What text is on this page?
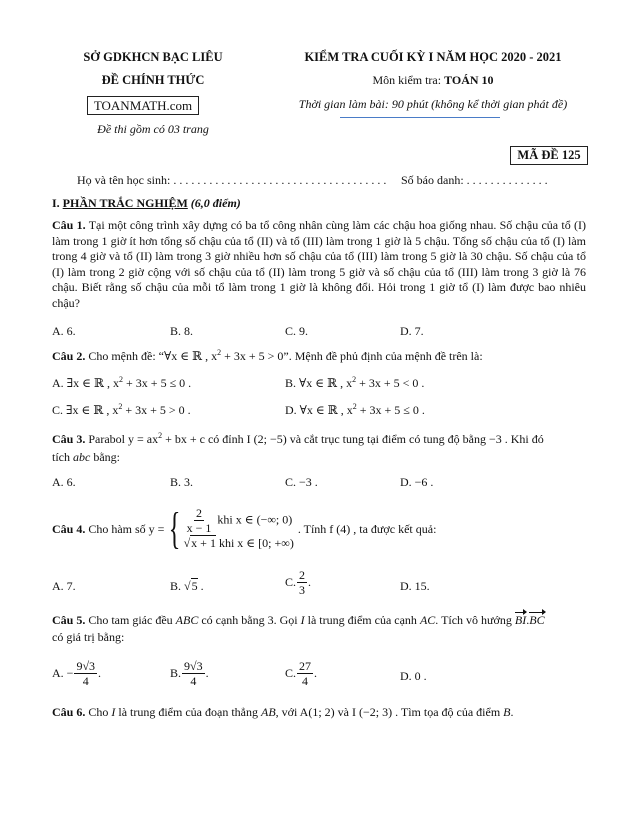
SỞ GDKHCN BẠC LIÊU
ĐỀ CHÍNH THỨC
TOANMATH.com
Đề thi gồm có 03 trang
KIỂM TRA CUỐI KỲ I NĂM HỌC 2020 - 2021
Môn kiểm tra: TOÁN 10
Thời gian làm bài: 90 phút (không kể thời gian phát đề)
MÃ ĐỀ 125
Họ và tên học sinh: . . . . . . . . . . . . . . . . . . . . . . . . . . . . . . . . . . . . Số báo danh: . . . . . . . . . . . . . .
I. PHẦN TRẮC NGHIỆM (6,0 điểm)
Câu 1. Tại một công trình xây dựng có ba tổ công nhân cùng làm các chậu hoa giống nhau. Số chậu của tổ (I) làm trong 1 giờ ít hơn tổng số chậu của tổ (II) và tổ (III) làm trong 1 giờ là 5 chậu. Tổng số chậu của tổ (I) làm trong 4 giờ và tổ (II) làm trong 3 giờ nhiều hơn số chậu của tổ (III) làm trong 5 giờ là 30 chậu. Số chậu của tổ (I) làm trong 2 giờ cộng với số chậu của tổ (II) làm trong 5 giờ và số chậu của tổ (III) làm trong 3 giờ là 76 chậu. Biết rằng số chậu của mỗi tổ làm trong 1 giờ là không đổi. Hỏi trong 1 giờ tổ (I) làm được bao nhiêu chậu?
A. 6.	B. 8.	C. 9.	D. 7.
Câu 2. Cho mệnh đề: “∀x ∈ ℝ , $x^2 + 3x + 5 > 0$”. Mệnh đề phủ định của mệnh đề trên là:
A. ∃x ∈ ℝ , $x^2 + 3x + 5 \le 0$ .	B. ∀x ∈ ℝ , $x^2 + 3x + 5 < 0$ .
C. ∃x ∈ ℝ , $x^2 + 3x + 5 > 0$ .	D. ∀x ∈ ℝ , $x^2 + 3x + 5 \le 0$ .
Câu 3. Parabol $y = ax^2$ + bx + c có đỉnh I (2; −5) và cắt trục tung tại điểm có tung độ bằng −3 . Khi đó
tích abc bằng:
A. 6.	B. 3.	C. −3 .	D. −6 .
Câu 4.
Cho hàm số y = { $\frac{2}{x - 1}$ khi x ∈ (−∞; 0)
√x + 1 khi x ∈ [0; +∞)
. Tính f (4) , ta được kết quả:
A. 7.	B. √5 .	C. $\frac{2}{3}$ .	D. 15.
Câu 5. Cho tam giác đều ABC có cạnh bằng 3. Gọi I là trung điểm của cạnh AC. Tích vô hướng BI.BC
có giá trị bằng:
A. − $\frac{9√3}{4}$ .	B. $\frac{9√3}{4}$ .	C. $\frac{27}{4}$ .	D. 0 .
Câu 6. Cho I là trung điểm của đoạn thẳng AB, với A(1; 2) và I (−2; 3) . Tìm tọa độ của điểm B.
